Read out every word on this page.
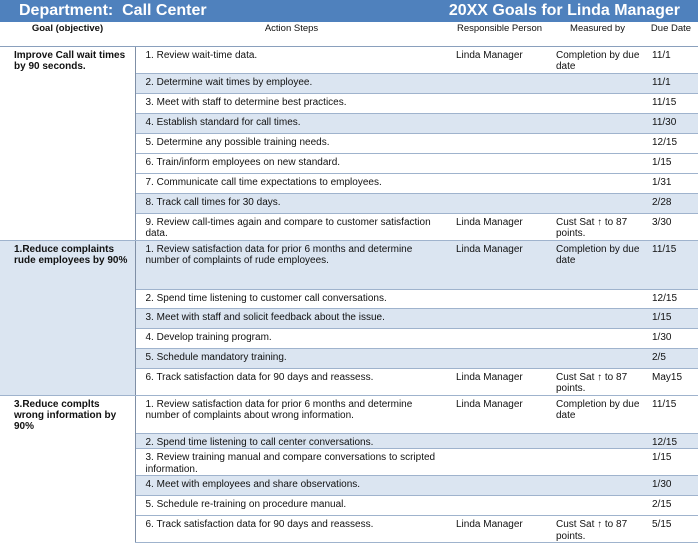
Department: Call Center	20XX Goals for Linda Manager
Goal (objective)	Action Steps	Responsible Person	Measured by	Due Date
Improve Call wait times by 90 seconds.	1. Review wait-time data.	Linda Manager	Completion by due date	11/1
	2. Determine wait times by employee.			11/1
	3. Meet with staff to determine best practices.			11/15
	4. Establish standard for call times.			11/30
	5. Determine any possible training needs.			12/15
	6. Train/inform employees on new standard.			1/15
	7. Communicate call time expectations to employees.			1/31
	8. Track call times for 30 days.			2/28
	9. Review call-times again and compare to customer satisfaction data.	Linda Manager	Cust Sat ↑ to 87 points.	3/30
1.Reduce complaints rude employees by 90%	1. Review satisfaction data for prior 6 months and determine number of complaints of rude employees.	Linda Manager	Completion by due date	11/15
	2. Spend time listening to customer call conversations.			12/15
	3. Meet with staff and solicit feedback about the issue.			1/15
	4. Develop training program.			1/30
	5. Schedule mandatory training.			2/5
	6. Track satisfaction data for 90 days and reassess.	Linda Manager	Cust Sat ↑ to 87 points.	May15
3.Reduce complts wrong information by 90%	1. Review satisfaction data for prior 6 months and determine number of complaints about wrong information.	Linda Manager	Completion by due date	11/15
	2. Spend time listening to call center conversations.			12/15
	3. Review training manual and compare conversations to scripted information.			1/15
	4. Meet with employees and share observations.			1/30
	5. Schedule re-training on procedure manual.			2/15
	6. Track satisfaction data for 90 days and reassess.	Linda Manager	Cust Sat ↑ to 87 points.	5/15
